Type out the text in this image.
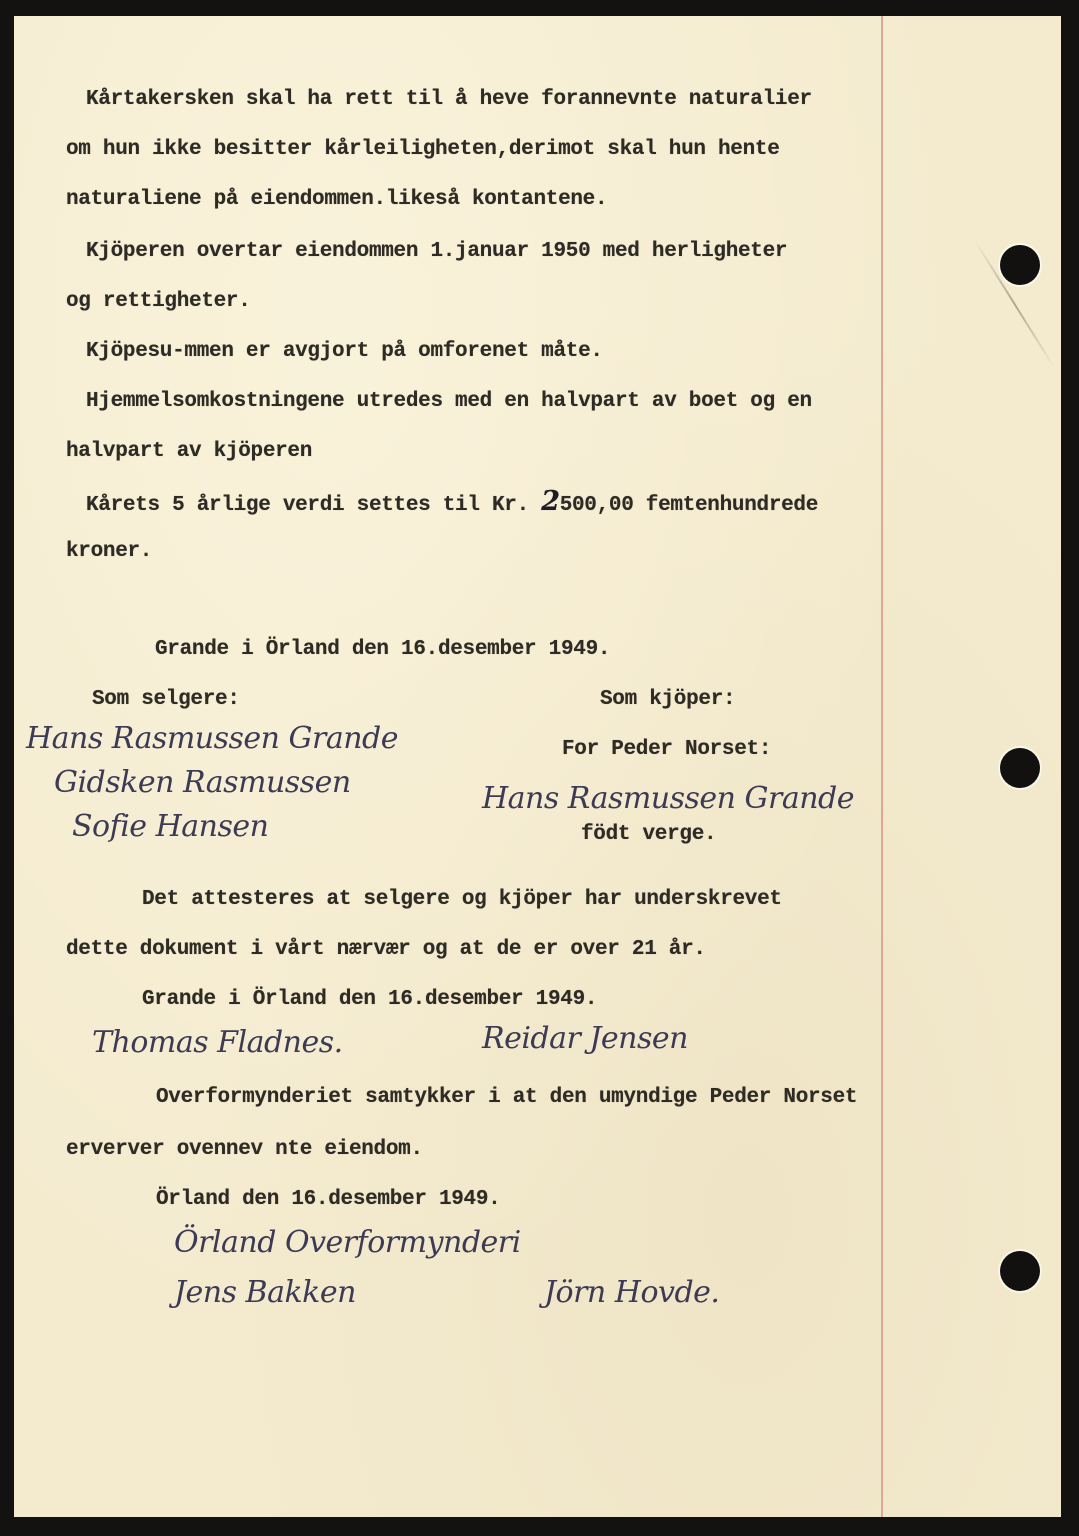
Kårtakersken skal ha rett til å heve forannevnte naturalier
om hun ikke besitter kårleiligheten,derimot skal hun hente
naturaliene på eiendommen.likeså kontantene.
Kjöperen overtar eiendommen 1.januar 1950 med herligheter
og rettigheter.
Kjöpesu-mmen er avgjort på omforenet måte.
Hjemmelsomkostningene utredes med en halvpart av boet og en
halvpart av kjöperen
Kårets 5 årlige verdi settes til Kr. 2500,00 femtenhundrede
kroner.
Grande i Örland den 16.desember 1949.
Som selgere:
Hans Rasmussen Grande
Gidsken Rasmussen
Sofie Hansen
Som kjöper:
For Peder Norset:
Hans Rasmussen Grande
födt verge.
Det attesteres at selgere og kjöper har underskrevet
dette dokument i vårt nærvær og at de er over 21 år.
Grande i Örland den 16.desember 1949.
Thomas Fladnes.	Reidar Jensen
Overformynderiet samtykker i at den umyndige Peder Norset
erverver ovennev nte eiendom.
Örland den 16.desember 1949.
Örland Overformynderi
Jens Bakken	Jörn Hovde.
